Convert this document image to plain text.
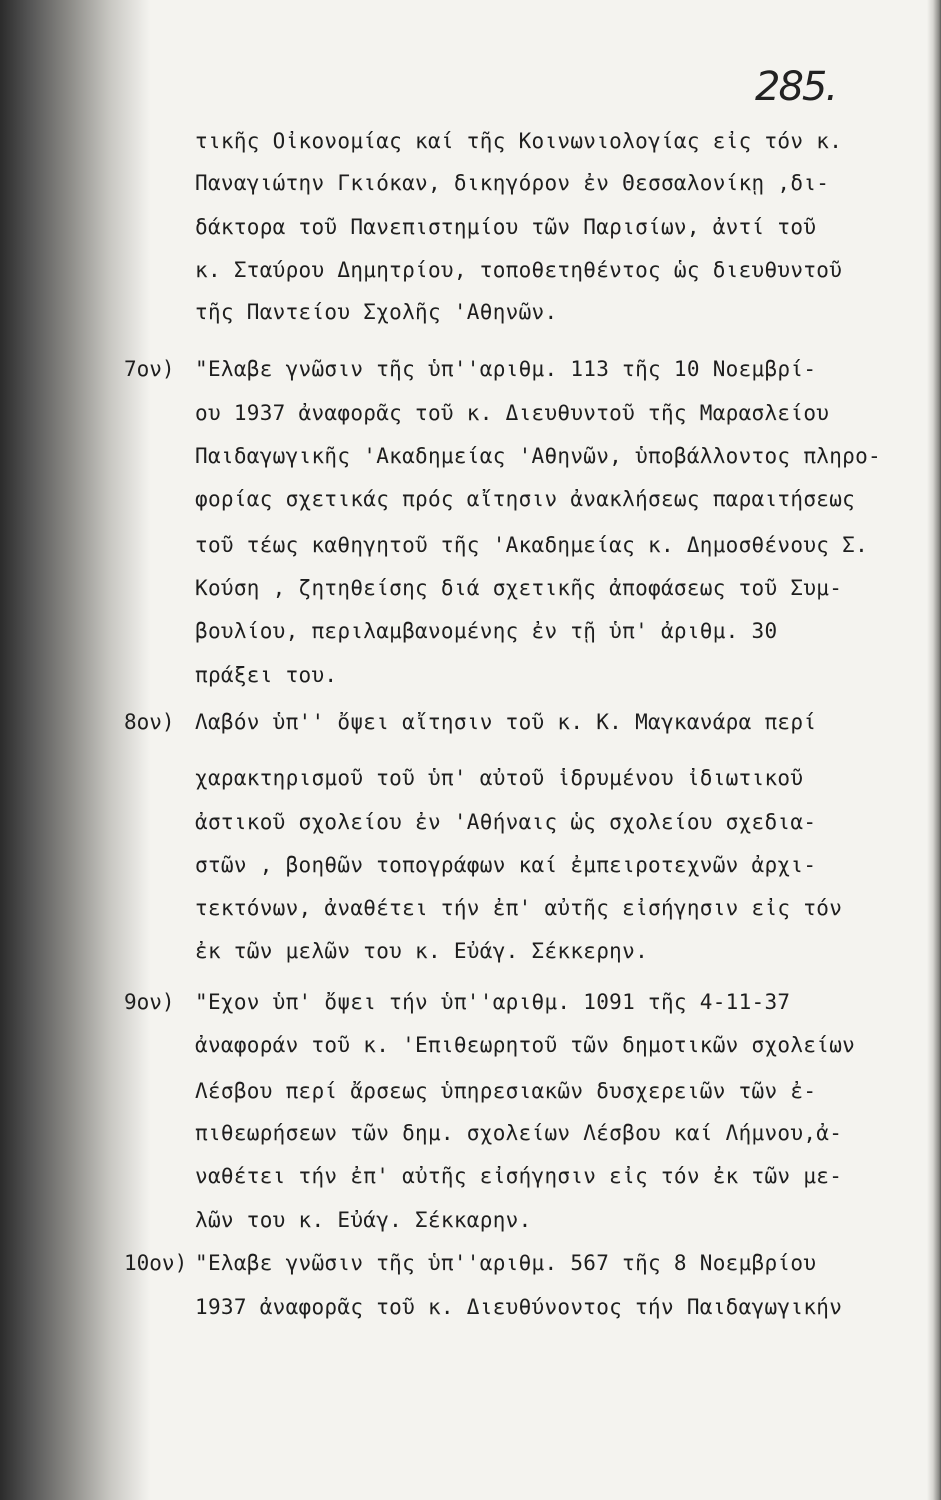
285.
τικῆς Οἰκονομίας καί τῆς Κοινωνιολογίας εἰς τόν κ.
Παναγιώτην Γκιόκαν, δικηγόρον ἐν Θεσσαλονίκῃ ,δι-
δάκτορα τοῦ Πανεπιστημίου τῶν Παρισίων, ἀντί τοῦ
κ. Σταύρου Δημητρίου, τοποθετηθέντος ὡς διευθυντοῦ
τῆς Παντείου Σχολῆς 'Αθηνῶν.
7ον) "Ελαβε γνῶσιν τῆς ὑπ''αριθμ. 113 τῆς 10 Νοεμβρί-
ου 1937 ἀναφορᾶς τοῦ κ. Διευθυντοῦ τῆς Μαρασλείου
Παιδαγωγικῆς 'Ακαδημείας 'Αθηνῶν, ὑποβάλλοντος πληρο-
φορίας σχετικάς πρός αἴτησιν ἀνακλήσεως παραιτήσεως
τοῦ τέως καθηγητοῦ τῆς 'Ακαδημείας κ. Δημοσθένους Σ.
Κούση , ζητηθείσης διά σχετικῆς ἀποφάσεως τοῦ Συμ-
βουλίου, περιλαμβανομένης ἐν τῇ ὑπ' ἀριθμ. 30
πράξει του.
8ον) Λαβόν ὑπ'' ὄψει αἴτησιν τοῦ κ. Κ. Μαγκανάρα περί
χαρακτηρισμοῦ τοῦ ὑπ' αὐτοῦ ἱδρυμένου ἰδιωτικοῦ
ἀστικοῦ σχολείου ἐν 'Αθήναις ὡς σχολείου σχεδια-
στῶν , βοηθῶν τοπογράφων καί ἐμπειροτεχνῶν ἀρχι-
τεκτόνων, ἀναθέτει τήν ἐπ' αὐτῆς εἰσήγησιν εἰς τόν
ἐκ τῶν μελῶν του κ. Εὐάγ. Σέκκερην.
9ον) "Εχον ὑπ' ὄψει τήν ὑπ''αριθμ. 1091 τῆς 4-11-37
ἀναφοράν τοῦ κ. 'Επιθεωρητοῦ τῶν δημοτικῶν σχολείων
Λέσβου περί ἄρσεως ὑπηρεσιακῶν δυσχερειῶν τῶν ἐ-
πιθεωρήσεων τῶν δημ. σχολείων Λέσβου καί Λήμνου,ἀ-
ναθέτει τήν ἐπ' αὐτῆς εἰσήγησιν εἰς τόν ἐκ τῶν με-
λῶν του κ. Εὐάγ. Σέκκαρην.
10ον) "Ελαβε γνῶσιν τῆς ὑπ''αριθμ. 567 τῆς 8 Νοεμβρίου
1937 ἀναφορᾶς τοῦ κ. Διευθύνοντος τήν Παιδαγωγικήν
